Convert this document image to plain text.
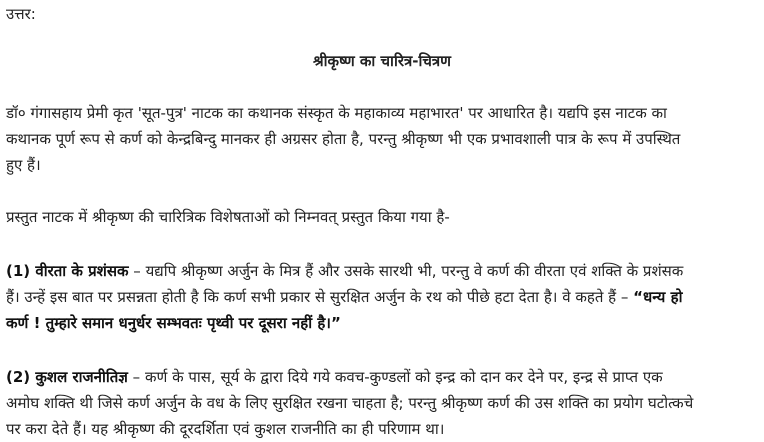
उत्तर:
श्रीकृष्ण का चारित्र-चित्रण
डॉ० गंगासहाय प्रेमी कृत 'सूत-पुत्र' नाटक का कथानक संस्कृत के महाकाव्य महाभारत' पर आधारित है। यद्यपि इस नाटक का
कथानक पूर्ण रूप से कर्ण को केन्द्रबिन्दु मानकर ही अग्रसर होता है, परन्तु श्रीकृष्ण भी एक प्रभावशाली पात्र के रूप में उपस्थित
हुए हैं।
प्रस्तुत नाटक में श्रीकृष्ण की चारित्रिक विशेषताओं को निम्नवत् प्रस्तुत किया गया है-
(1) वीरता के प्रशंसक – यद्यपि श्रीकृष्ण अर्जुन के मित्र हैं और उसके सारथी भी, परन्तु वे कर्ण की वीरता एवं शक्ति के प्रशंसक
हैं। उन्हें इस बात पर प्रसन्नता होती है कि कर्ण सभी प्रकार से सुरक्षित अर्जुन के रथ को पीछे हटा देता है। वे कहते हैं – “धन्य हो
कर्ण ! तुम्हारे समान धनुर्धर सम्भवतः पृथ्वी पर दूसरा नहीं है।”
(2) कुशल राजनीतिज्ञ – कर्ण के पास, सूर्य के द्वारा दिये गये कवच-कुण्डलों को इन्द्र को दान कर देने पर, इन्द्र से प्राप्त एक
अमोघ शक्ति थी जिसे कर्ण अर्जुन के वध के लिए सुरक्षित रखना चाहता है; परन्तु श्रीकृष्ण कर्ण की उस शक्ति का प्रयोग घटोत्कचे
पर करा देते हैं। यह श्रीकृष्ण की दूरदर्शिता एवं कुशल राजनीति का ही परिणाम था।
